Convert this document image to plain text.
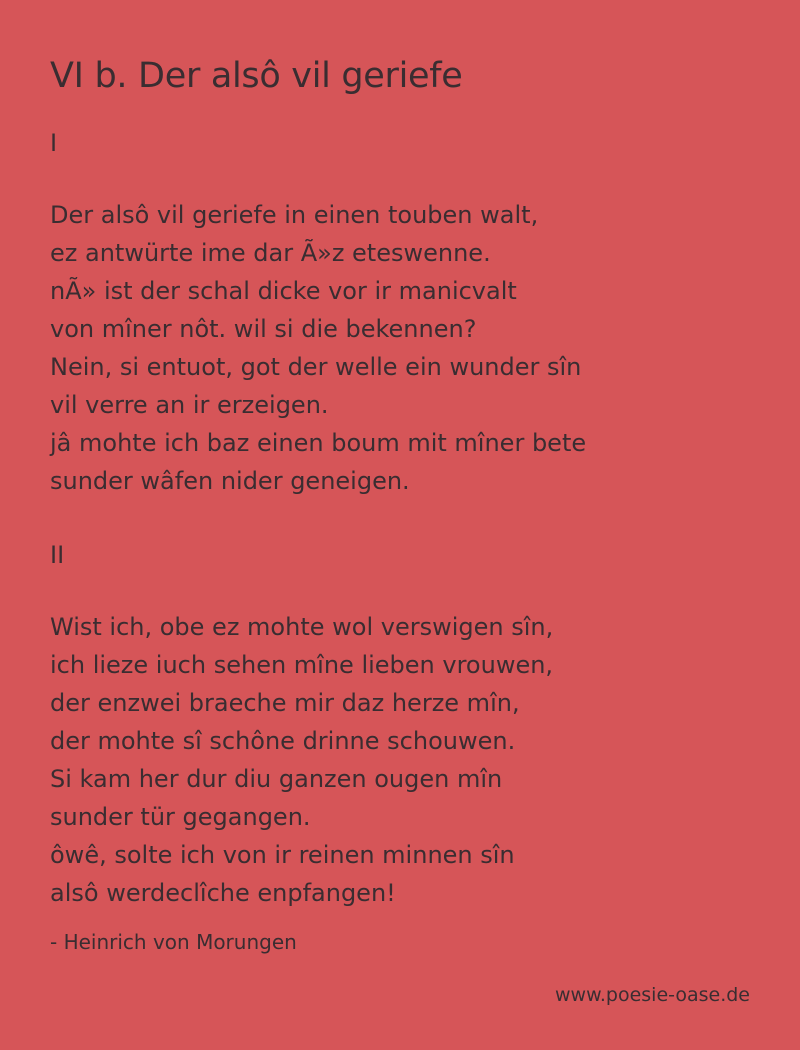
VI b. Der alsô vil geriefe
I
Der alsô vil geriefe in einen touben walt,
ez antwürte ime dar Ã»z eteswenne.
nÃ» ist der schal dicke vor ir manicvalt
von mîner nôt. wil si die bekennen?
Nein, si entuot, got der welle ein wunder sîn
vil verre an ir erzeigen.
jâ mohte ich baz einen boum mit mîner bete
sunder wâfen nider geneigen.
II
Wist ich, obe ez mohte wol verswigen sîn,
ich lieze iuch sehen mîne lieben vrouwen,
der enzwei braeche mir daz herze mîn,
der mohte sî schône drinne schouwen.
Si kam her dur diu ganzen ougen mîn
sunder tür gegangen.
ôwê, solte ich von ir reinen minnen sîn
alsô werdeclîche enpfangen!
- Heinrich von Morungen
www.poesie-oase.de
